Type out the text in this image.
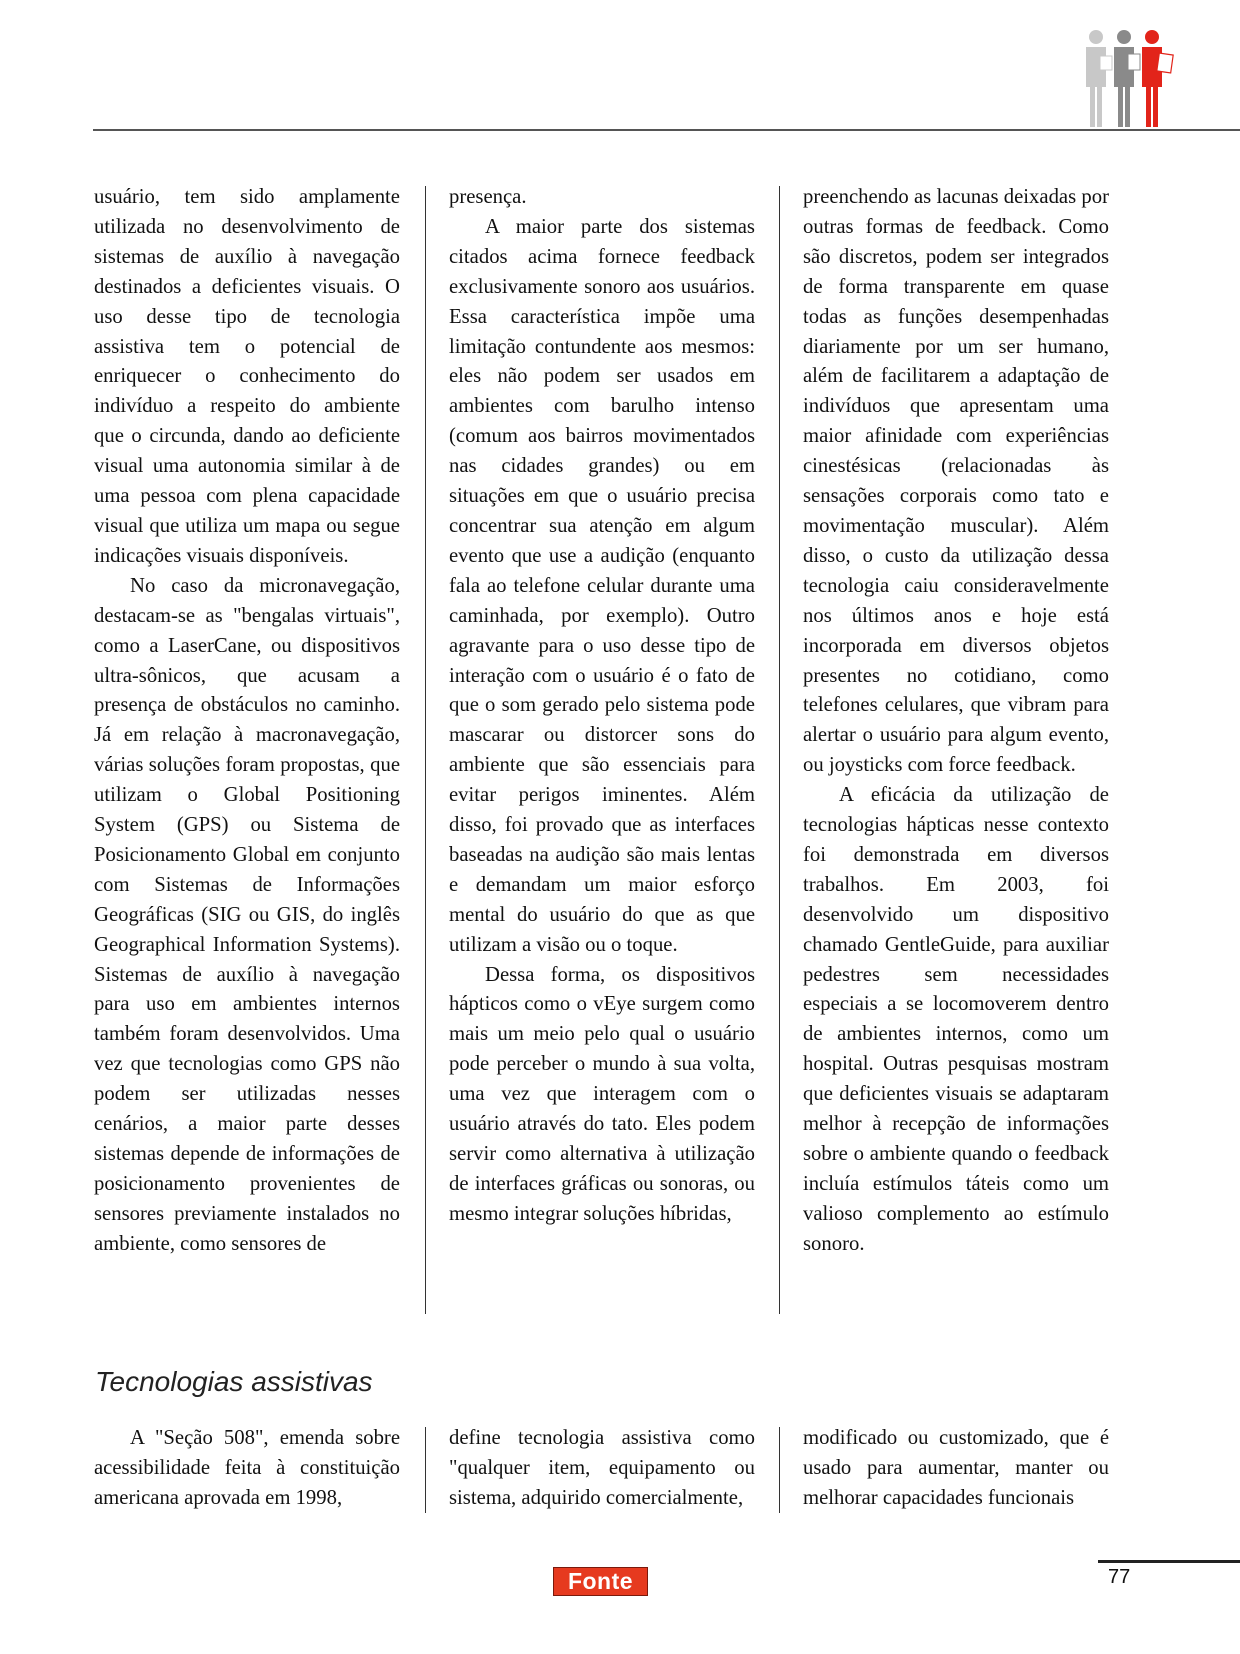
usuário, tem sido amplamente utilizada no desenvolvimento de sistemas de auxílio à navegação destinados a deficientes visuais. O uso desse tipo de tecnologia assistiva tem o potencial de enriquecer o conhecimento do indivíduo a respeito do ambiente que o circunda, dando ao deficiente visual uma autonomia similar à de uma pessoa com plena capacidade visual que utiliza um mapa ou segue indicações visuais disponíveis.

No caso da micronavegação, destacam-se as "bengalas virtuais", como a LaserCane, ou dispositivos ultra-sônicos, que acusam a presença de obstáculos no caminho. Já em relação à macronavegação, várias soluções foram propostas, que utilizam o Global Positioning System (GPS) ou Sistema de Posicionamento Global em conjunto com Sistemas de Informações Geográficas (SIG ou GIS, do inglês Geographical Information Systems). Sistemas de auxílio à navegação para uso em ambientes internos também foram desenvolvidos. Uma vez que tecnologias como GPS não podem ser utilizadas nesses cenários, a maior parte desses sistemas depende de informações de posicionamento provenientes de sensores previamente instalados no ambiente, como sensores de

presença.

A maior parte dos sistemas citados acima fornece feedback exclusivamente sonoro aos usuários. Essa característica impõe uma limitação contundente aos mesmos: eles não podem ser usados em ambientes com barulho intenso (comum aos bairros movimentados nas cidades grandes) ou em situações em que o usuário precisa concentrar sua atenção em algum evento que use a audição (enquanto fala ao telefone celular durante uma caminhada, por exemplo). Outro agravante para o uso desse tipo de interação com o usuário é o fato de que o som gerado pelo sistema pode mascarar ou distorcer sons do ambiente que são essenciais para evitar perigos iminentes. Além disso, foi provado que as interfaces baseadas na audição são mais lentas e demandam um maior esforço mental do usuário do que as que utilizam a visão ou o toque.

Dessa forma, os dispositivos hápticos como o vEye surgem como mais um meio pelo qual o usuário pode perceber o mundo à sua volta, uma vez que interagem com o usuário através do tato. Eles podem servir como alternativa à utilização de interfaces gráficas ou sonoras, ou mesmo integrar soluções híbridas,

preenchendo as lacunas deixadas por outras formas de feedback. Como são discretos, podem ser integrados de forma transparente em quase todas as funções desempenhadas diariamente por um ser humano, além de facilitarem a adaptação de indivíduos que apresentam uma maior afinidade com experiências cinestésicas (relacionadas às sensações corporais como tato e movimentação muscular). Além disso, o custo da utilização dessa tecnologia caiu consideravelmente nos últimos anos e hoje está incorporada em diversos objetos presentes no cotidiano, como telefones celulares, que vibram para alertar o usuário para algum evento, ou joysticks com force feedback.

A eficácia da utilização de tecnologias hápticas nesse contexto foi demonstrada em diversos trabalhos. Em 2003, foi desenvolvido um dispositivo chamado GentleGuide, para auxiliar pedestres sem necessidades especiais a se locomoverem dentro de ambientes internos, como um hospital. Outras pesquisas mostram que deficientes visuais se adaptaram melhor à recepção de informações sobre o ambiente quando o feedback incluía estímulos táteis como um valioso complemento ao estímulo sonoro.

Tecnologias assistivas

A "Seção 508", emenda sobre acessibilidade feita à constituição americana aprovada em 1998,

define tecnologia assistiva como "qualquer item, equipamento ou sistema, adquirido comercialmente,

modificado ou customizado, que é usado para aumentar, manter ou melhorar capacidades funcionais

Fonte	77
